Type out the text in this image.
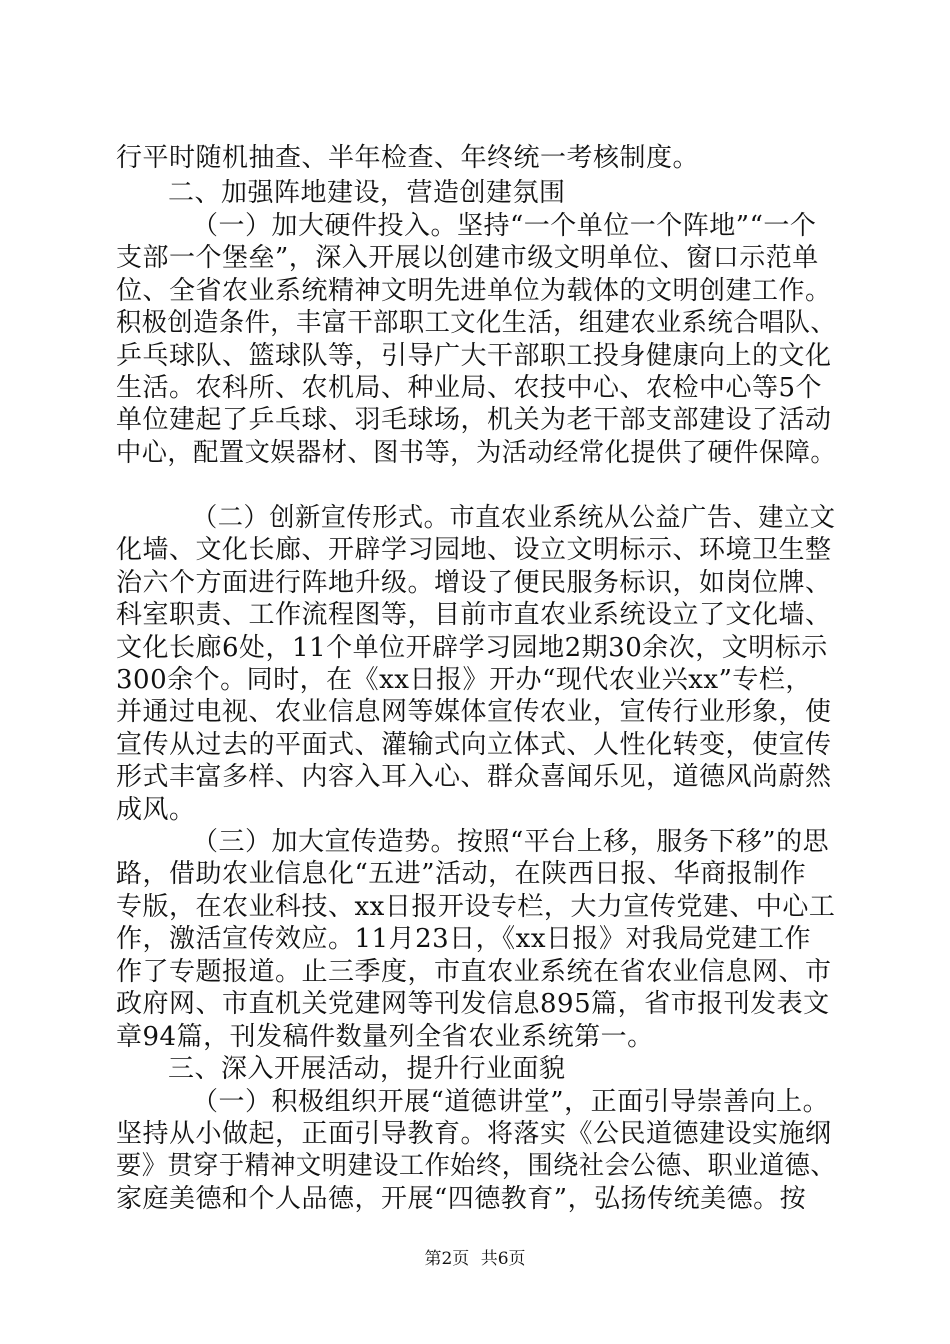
行平时随机抽查、半年检查、年终统一考核制度。
二、加强阵地建设，营造创建氛围
（一）加大硬件投入。坚持“一个单位一个阵地”“一个
支部一个堡垒”，深入开展以创建市级文明单位、窗口示范单
位、全省农业系统精神文明先进单位为载体的文明创建工作。
积极创造条件，丰富干部职工文化生活，组建农业系统合唱队、
乒乓球队、篮球队等，引导广大干部职工投身健康向上的文化
生活。农科所、农机局、种业局、农技中心、农检中心等5个
单位建起了乒乓球、羽毛球场，机关为老干部支部建设了活动
中心，配置文娱器材、图书等，为活动经常化提供了硬件保障。
（二）创新宣传形式。市直农业系统从公益广告、建立文
化墙、文化长廊、开辟学习园地、设立文明标示、环境卫生整
治六个方面进行阵地升级。增设了便民服务标识，如岗位牌、
科室职责、工作流程图等，目前市直农业系统设立了文化墙、
文化长廊6处，11个单位开辟学习园地2期30余次，文明标示
300余个。同时，在《xx日报》开办“现代农业兴xx”专栏，
并通过电视、农业信息网等媒体宣传农业，宣传行业形象，使
宣传从过去的平面式、灌输式向立体式、人性化转变，使宣传
形式丰富多样、内容入耳入心、群众喜闻乐见，道德风尚蔚然
成风。
（三）加大宣传造势。按照“平台上移，服务下移”的思
路，借助农业信息化“五进”活动，在陕西日报、华商报制作
专版，在农业科技、xx日报开设专栏，大力宣传党建、中心工
作，激活宣传效应。11月23日，《xx日报》对我局党建工作
作了专题报道。止三季度，市直农业系统在省农业信息网、市
政府网、市直机关党建网等刊发信息895篇，省市报刊发表文
章94篇，刊发稿件数量列全省农业系统第一。
三、深入开展活动，提升行业面貌
（一）积极组织开展“道德讲堂”，正面引导崇善向上。
坚持从小做起，正面引导教育。将落实《公民道德建设实施纲
要》贯穿于精神文明建设工作始终，围绕社会公德、职业道德、
家庭美德和个人品德，开展“四德教育”，弘扬传统美德。按
第2页 共6页
